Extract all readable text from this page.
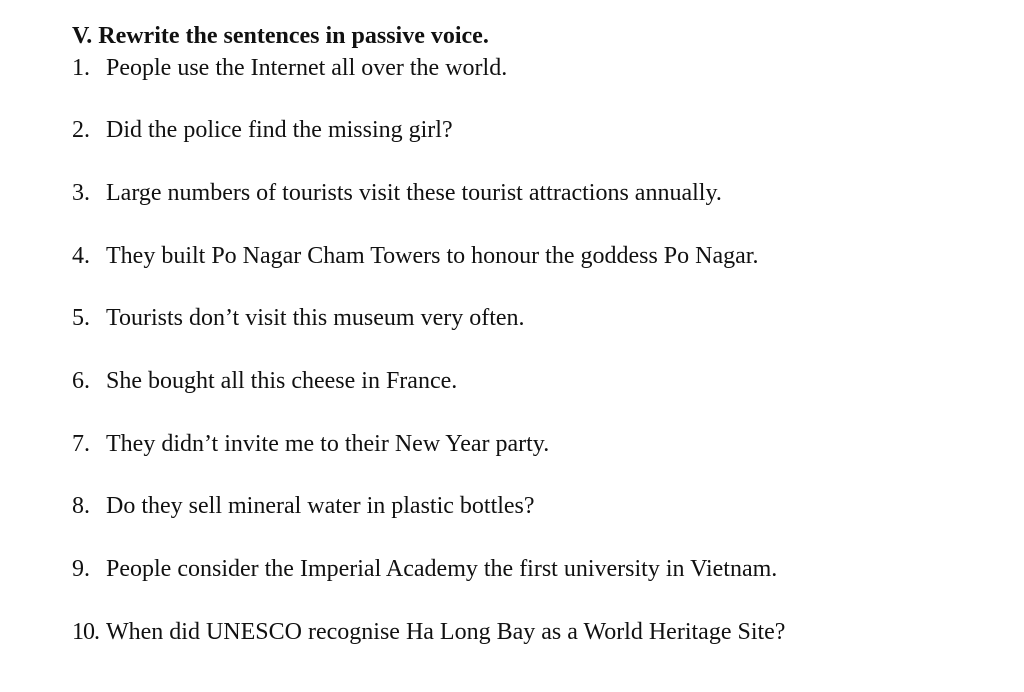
V. Rewrite the sentences in passive voice.
1. People use the Internet all over the world.
2. Did the police find the missing girl?
3. Large numbers of tourists visit these tourist attractions annually.
4. They built Po Nagar Cham Towers to honour the goddess Po Nagar.
5. Tourists don’t visit this museum very often.
6. She bought all this cheese in France.
7. They didn’t invite me to their New Year party.
8. Do they sell mineral water in plastic bottles?
9. People consider the Imperial Academy the first university in Vietnam.
10. When did UNESCO recognise Ha Long Bay as a World Heritage Site?
